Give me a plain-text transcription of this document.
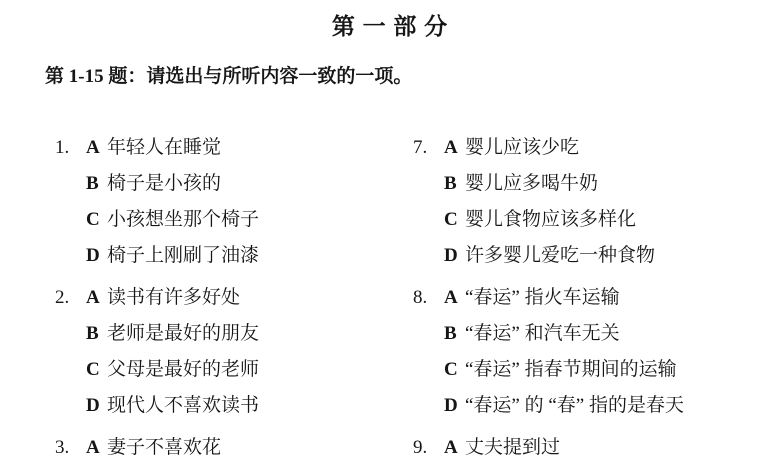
第 一 部 分
第 1-15 题：请选出与所听内容一致的一项。
1. A 年轻人在睡觉
B 椅子是小孩的
C 小孩想坐那个椅子
D 椅子上刚刷了油漆
2. A 读书有许多好处
B 老师是最好的朋友
C 父母是最好的老师
D 现代人不喜欢读书
3. A 妻子不喜欢花
7. A 婴儿应该少吃
B 婴儿应多喝牛奶
C 婴儿食物应该多样化
D 许多婴儿爱吃一种食物
8. A “春运” 指火车运输
B “春运” 和汽车无关
C “春运” 指春节期间的运输
D “春运” 的 “春” 指的是春天
9. A 丈夫提到过
